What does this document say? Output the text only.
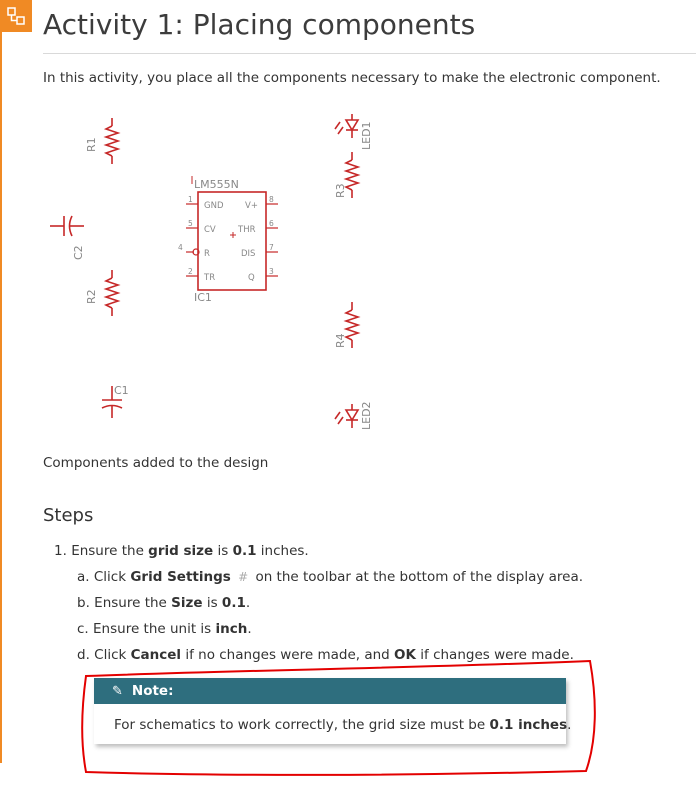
Activity 1: Placing components

In this activity, you place all the components necessary to make the electronic component.

R1
R2
R3
R4
C2
C1
LED1
LED2
LM555N
IC1
GND	V+
CV	THR
R	DIS
TR	Q
1	8
5	6
4	7
2	3

Components added to the design

Steps
1. Ensure the grid size is 0.1 inches.
a. Click Grid Settings # on the toolbar at the bottom of the display area.
b. Ensure the Size is 0.1.
c. Ensure the unit is inch.
d. Click Cancel if no changes were made, and OK if changes were made.
✎ Note:
For schematics to work correctly, the grid size must be 0.1 inches.
